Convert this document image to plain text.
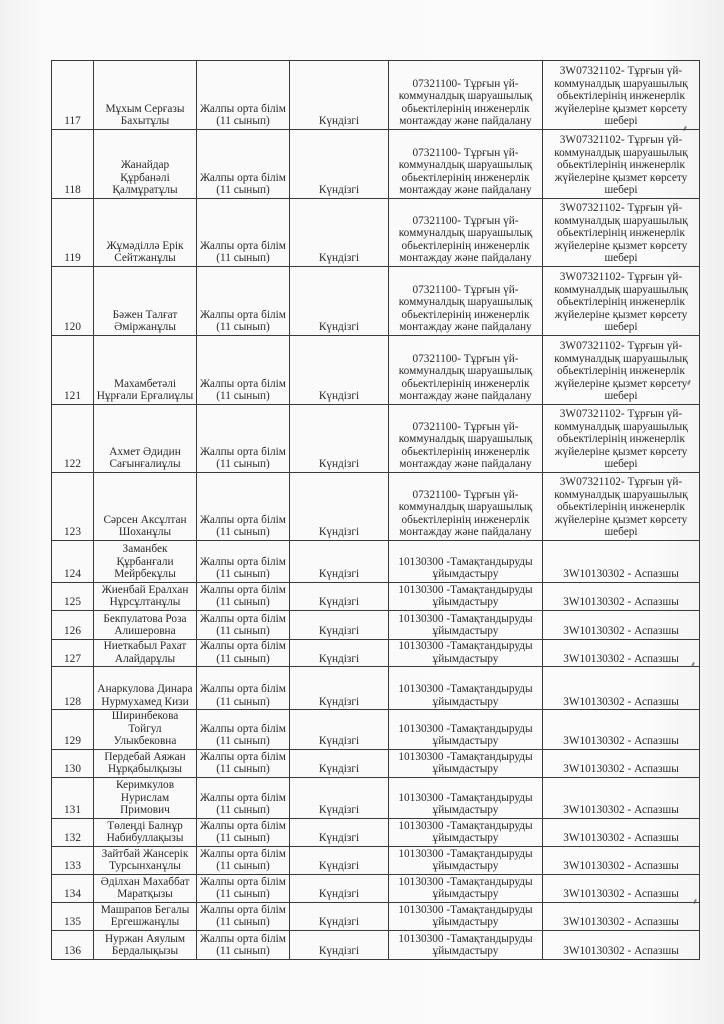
117	Мұхым Серғазы Бахытұлы	Жалпы орта білім (11 сынып)	Күндізгі	07321100- Тұрғын үй-коммуналдық шаруашылық обьектілерінің инженерлік монтаждау және пайдалану	3W07321102- Тұрғын үй-коммуналдық шаруашылық обьектілерінің инженерлік жүйелеріне қызмет көрсету шебері
118	Жанайдар Құрбанәлі Қалмұратұлы	Жалпы орта білім (11 сынып)	Күндізгі	07321100- Тұрғын үй-коммуналдық шаруашылық обьектілерінің инженерлік монтаждау және пайдалану	3W07321102- Тұрғын үй-коммуналдық шаруашылық обьектілерінің инженерлік жүйелеріне қызмет көрсету шебері
119	Жұмәділлә Ерік Сейтжанұлы	Жалпы орта білім (11 сынып)	Күндізгі	07321100- Тұрғын үй-коммуналдық шаруашылық обьектілерінің инженерлік монтаждау және пайдалану	3W07321102- Тұрғын үй-коммуналдық шаруашылық обьектілерінің инженерлік жүйелеріне қызмет көрсету шебері
120	Бәжен Талғат Әміржанұлы	Жалпы орта білім (11 сынып)	Күндізгі	07321100- Тұрғын үй-коммуналдық шаруашылық обьектілерінің инженерлік монтаждау және пайдалану	3W07321102- Тұрғын үй-коммуналдық шаруашылық обьектілерінің инженерлік жүйелеріне қызмет көрсету шебері
121	Махамбетәлі Нұрғали Ерғалиұлы	Жалпы орта білім (11 сынып)	Күндізгі	07321100- Тұрғын үй-коммуналдық шаруашылық обьектілерінің инженерлік монтаждау және пайдалану	3W07321102- Тұрғын үй-коммуналдық шаруашылық обьектілерінің инженерлік жүйелеріне қызмет көрсету шебері
122	Ахмет Әдидин Сағынғалиұлы	Жалпы орта білім (11 сынып)	Күндізгі	07321100- Тұрғын үй-коммуналдық шаруашылық обьектілерінің инженерлік монтаждау және пайдалану	3W07321102- Тұрғын үй-коммуналдық шаруашылық обьектілерінің инженерлік жүйелеріне қызмет көрсету шебері
123	Сәрсен Аксұлтан Шоханұлы	Жалпы орта білім (11 сынып)	Күндізгі	07321100- Тұрғын үй-коммуналдық шаруашылық обьектілерінің инженерлік монтаждау және пайдалану	3W07321102- Тұрғын үй-коммуналдық шаруашылық обьектілерінің инженерлік жүйелеріне қызмет көрсету шебері
124	Заманбек Құрбанғали Мейрбекұлы	Жалпы орта білім (11 сынып)	Күндізгі	10130300 -Тамақтандыруды ұйымдастыру	3W10130302 - Аспазшы
125	Жиенбай Ералхан Нұрсұлтанұлы	Жалпы орта білім (11 сынып)	Күндізгі	10130300 -Тамақтандыруды ұйымдастыру	3W10130302 - Аспазшы
126	Бекпулатова Роза Алишеровна	Жалпы орта білім (11 сынып)	Күндізгі	10130300 -Тамақтандыруды ұйымдастыру	3W10130302 - Аспазшы
127	Ниеткабыл Рахат Алайдарұлы	Жалпы орта білім (11 сынып)	Күндізгі	10130300 -Тамақтандыруды ұйымдастыру	3W10130302 - Аспазшы
128	Анаркулова Динара Нурмухамед Кизи	Жалпы орта білім (11 сынып)	Күндізгі	10130300 -Тамақтандыруды ұйымдастыру	3W10130302 - Аспазшы
129	Ширинбекова Тойгул Улыкбековна	Жалпы орта білім (11 сынып)	Күндізгі	10130300 -Тамақтандыруды ұйымдастыру	3W10130302 - Аспазшы
130	Пердебай Аяжан Нұрқабылқызы	Жалпы орта білім (11 сынып)	Күндізгі	10130300 -Тамақтандыруды ұйымдастыру	3W10130302 - Аспазшы
131	Керимкулов Нурислам Примович	Жалпы орта білім (11 сынып)	Күндізгі	10130300 -Тамақтандыруды ұйымдастыру	3W10130302 - Аспазшы
132	Төлеңді Балнұр Набибуллақызы	Жалпы орта білім (11 сынып)	Күндізгі	10130300 -Тамақтандыруды ұйымдастыру	3W10130302 - Аспазшы
133	Зайтбай Жансерік Турсынханұлы	Жалпы орта білім (11 сынып)	Күндізгі	10130300 -Тамақтандыруды ұйымдастыру	3W10130302 - Аспазшы
134	Әділхан Махаббат Маратқызы	Жалпы орта білім (11 сынып)	Күндізгі	10130300 -Тамақтандыруды ұйымдастыру	3W10130302 - Аспазшы
135	Машрапов Бегалы Ергешжанұлы	Жалпы орта білім (11 сынып)	Күндізгі	10130300 -Тамақтандыруды ұйымдастыру	3W10130302 - Аспазшы
136	Нуржан Аяулым Бердалықызы	Жалпы орта білім (11 сынып)	Күндізгі	10130300 -Тамақтандыруды ұйымдастыру	3W10130302 - Аспазшы
